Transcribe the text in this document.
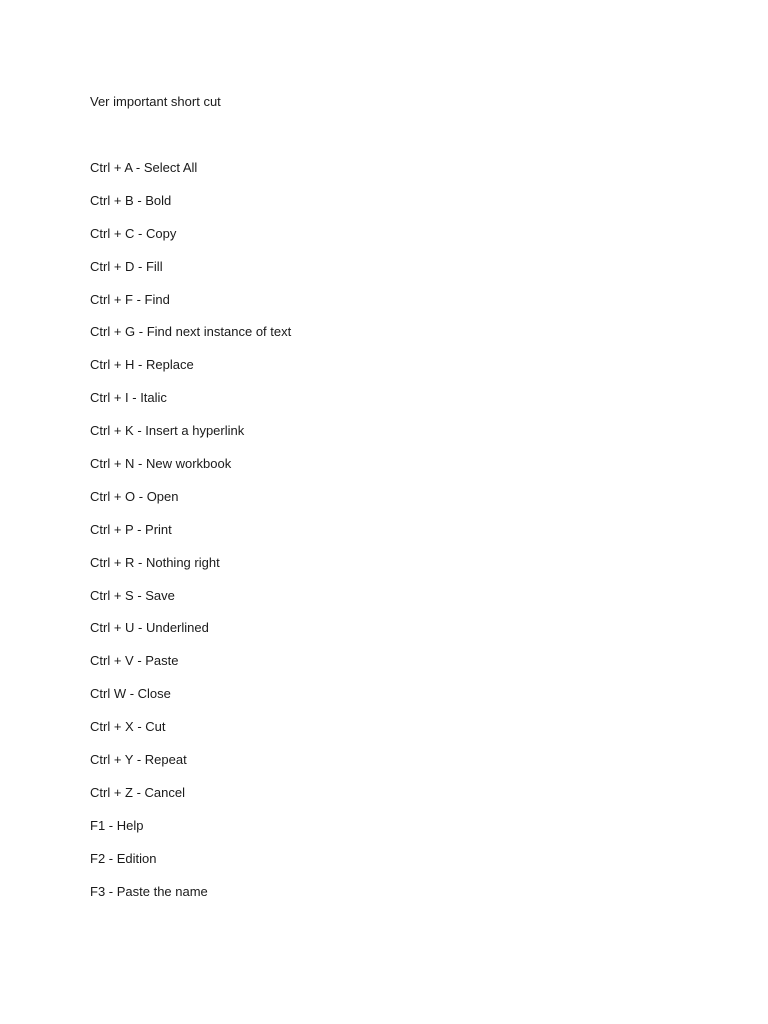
Ver important short cut
Ctrl + A - Select All
Ctrl + B - Bold
Ctrl + C - Copy
Ctrl + D - Fill
Ctrl + F - Find
Ctrl + G - Find next instance of text
Ctrl + H - Replace
Ctrl + I - Italic
Ctrl + K - Insert a hyperlink
Ctrl + N - New workbook
Ctrl + O - Open
Ctrl + P - Print
Ctrl + R - Nothing right
Ctrl + S - Save
Ctrl + U - Underlined
Ctrl + V - Paste
Ctrl W - Close
Ctrl + X - Cut
Ctrl + Y - Repeat
Ctrl + Z - Cancel
F1 - Help
F2 - Edition
F3 - Paste the name
